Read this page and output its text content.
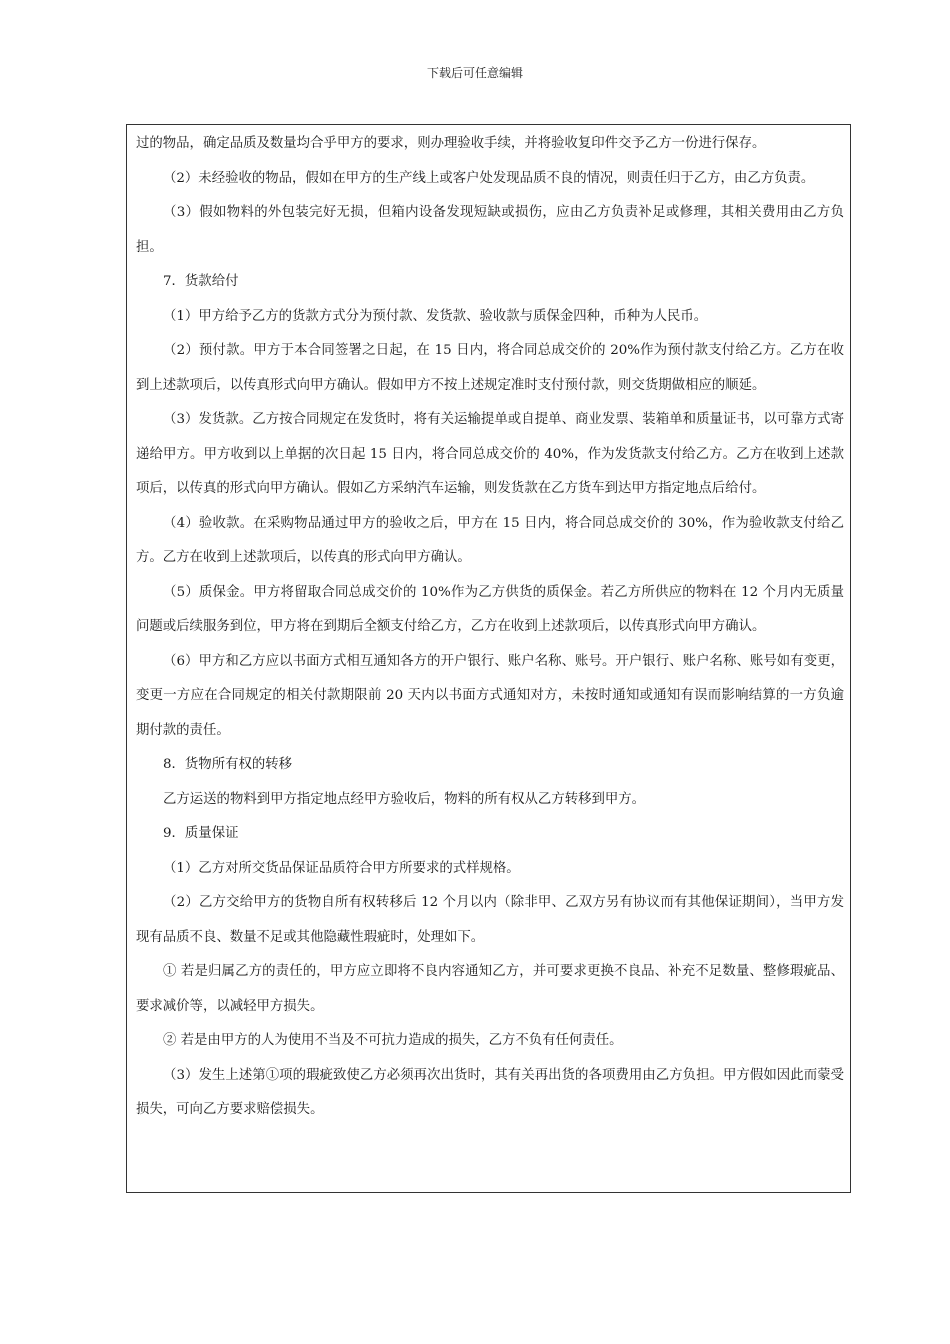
下载后可任意编辑

过的物品，确定品质及数量均合乎甲方的要求，则办理验收手续，并将验收复印件交予乙方一份进行保存。

（2）未经验收的物品，假如在甲方的生产线上或客户处发现品质不良的情况，则责任归于乙方，由乙方负责。

（3）假如物料的外包装完好无损，但箱内设备发现短缺或损伤，应由乙方负责补足或修理，其相关费用由乙方负担。

7．货款给付

（1）甲方给予乙方的货款方式分为预付款、发货款、验收款与质保金四种，币种为人民币。

（2）预付款。甲方于本合同签署之日起，在 15 日内，将合同总成交价的 20%作为预付款支付给乙方。乙方在收到上述款项后，以传真形式向甲方确认。假如甲方不按上述规定准时支付预付款，则交货期做相应的顺延。

（3）发货款。乙方按合同规定在发货时，将有关运输提单或自提单、商业发票、装箱单和质量证书，以可靠方式寄递给甲方。甲方收到以上单据的次日起 15 日内，将合同总成交价的 40%，作为发货款支付给乙方。乙方在收到上述款项后，以传真的形式向甲方确认。假如乙方采纳汽车运输，则发货款在乙方货车到达甲方指定地点后给付。

（4）验收款。在采购物品通过甲方的验收之后，甲方在 15 日内，将合同总成交价的 30%，作为验收款支付给乙方。乙方在收到上述款项后，以传真的形式向甲方确认。

（5）质保金。甲方将留取合同总成交价的 10%作为乙方供货的质保金。若乙方所供应的物料在 12 个月内无质量问题或后续服务到位，甲方将在到期后全额支付给乙方，乙方在收到上述款项后，以传真形式向甲方确认。

（6）甲方和乙方应以书面方式相互通知各方的开户银行、账户名称、账号。开户银行、账户名称、账号如有变更，变更一方应在合同规定的相关付款期限前 20 天内以书面方式通知对方，未按时通知或通知有误而影响结算的一方负逾期付款的责任。

8．货物所有权的转移

乙方运送的物料到甲方指定地点经甲方验收后，物料的所有权从乙方转移到甲方。

9．质量保证

（1）乙方对所交货品保证品质符合甲方所要求的式样规格。

（2）乙方交给甲方的货物自所有权转移后 12 个月以内（除非甲、乙双方另有协议而有其他保证期间），当甲方发现有品质不良、数量不足或其他隐藏性瑕疵时，处理如下。

① 若是归属乙方的责任的，甲方应立即将不良内容通知乙方，并可要求更换不良品、补充不足数量、整修瑕疵品、要求减价等，以减轻甲方损失。

② 若是由甲方的人为使用不当及不可抗力造成的损失，乙方不负有任何责任。

（3）发生上述第①项的瑕疵致使乙方必须再次出货时，其有关再出货的各项费用由乙方负担。甲方假如因此而蒙受损失，可向乙方要求赔偿损失。
